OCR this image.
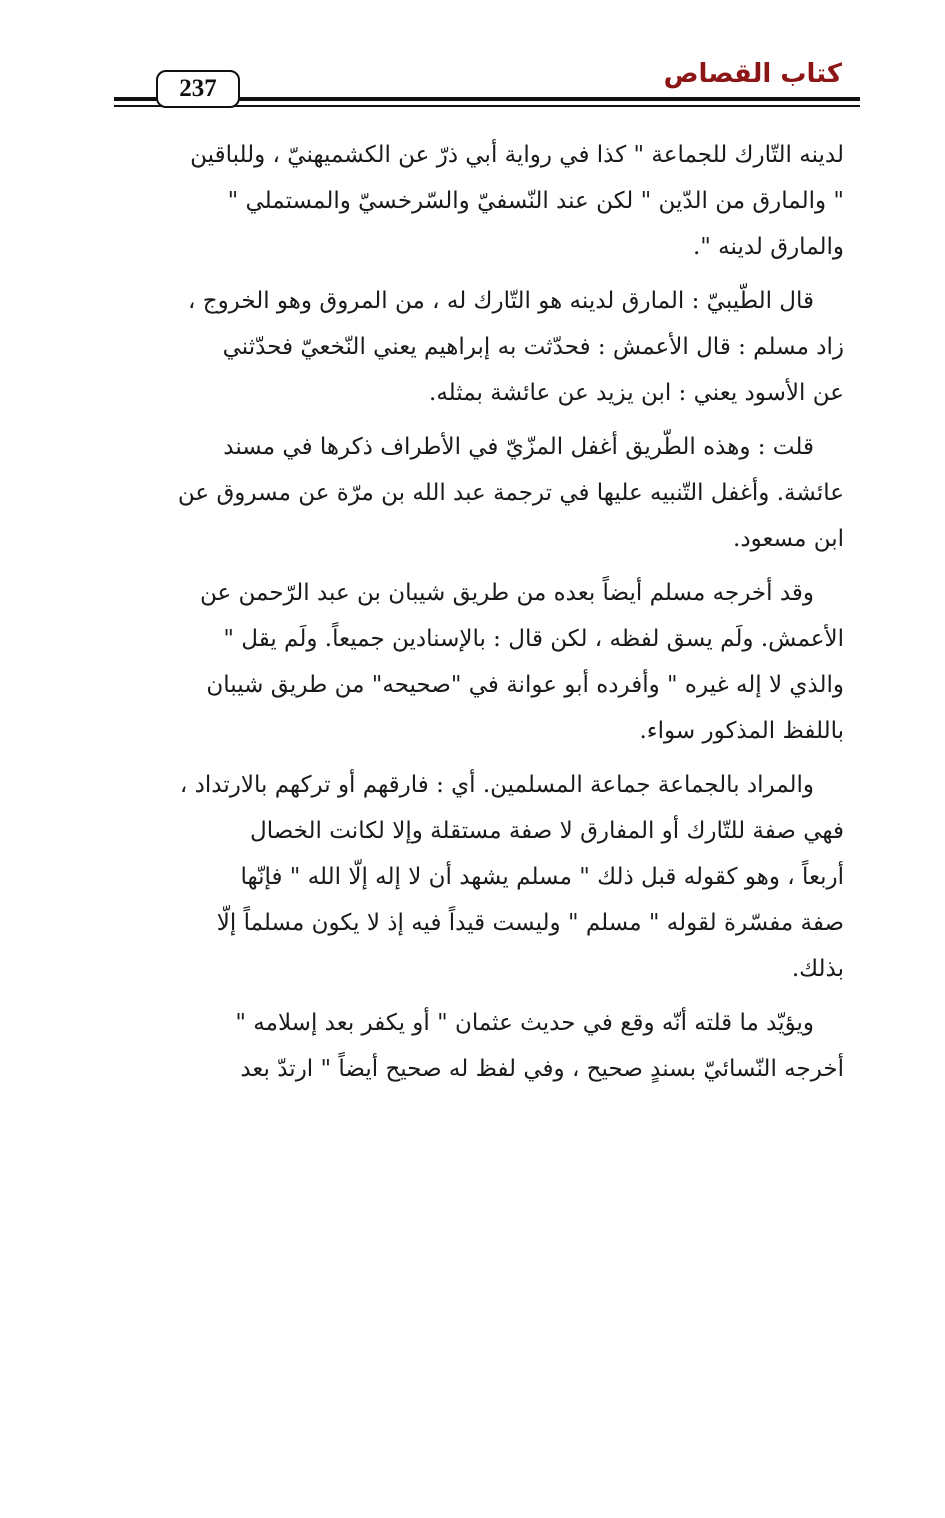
237	كتاب القصاص
لدينه التّارك للجماعة " كذا في رواية أبي ذرّ عن الكشميهنيّ ، وللباقين
" والمارق من الدّين " لكن عند النّسفيّ والسّرخسيّ والمستملي "
والمارق لدينه ".
قال الطّيبيّ : المارق لدينه هو التّارك له ، من المروق وهو الخروج ،
زاد مسلم : قال الأعمش : فحدّثت به إبراهيم يعني النّخعيّ فحدّثني
عن الأسود يعني : ابن يزيد عن عائشة بمثله.
قلت : وهذه الطّريق أغفل المزّيّ في الأطراف ذكرها في مسند
عائشة. وأغفل التّنبيه عليها في ترجمة عبد الله بن مرّة عن مسروق عن
ابن مسعود.
وقد أخرجه مسلم أيضاً بعده من طريق شيبان بن عبد الرّحمن عن
الأعمش. ولَم يسق لفظه ، لكن قال : بالإسنادين جميعاً. ولَم يقل "
والذي لا إله غيره " وأفرده أبو عوانة في "صحيحه" من طريق شيبان
باللفظ المذكور سواء.
والمراد بالجماعة جماعة المسلمين. أي : فارقهم أو تركهم بالارتداد ،
فهي صفة للتّارك أو المفارق لا صفة مستقلة وإلا لكانت الخصال
أربعاً ، وهو كقوله قبل ذلك " مسلم يشهد أن لا إله إلّا الله " فإنّها
صفة مفسّرة لقوله " مسلم " وليست قيداً فيه إذ لا يكون مسلماً إلّا
بذلك.
ويؤيّد ما قلته أنّه وقع في حديث عثمان " أو يكفر بعد إسلامه "
أخرجه النّسائيّ بسندٍ صحيح ، وفي لفظ له صحيح أيضاً " ارتدّ بعد
